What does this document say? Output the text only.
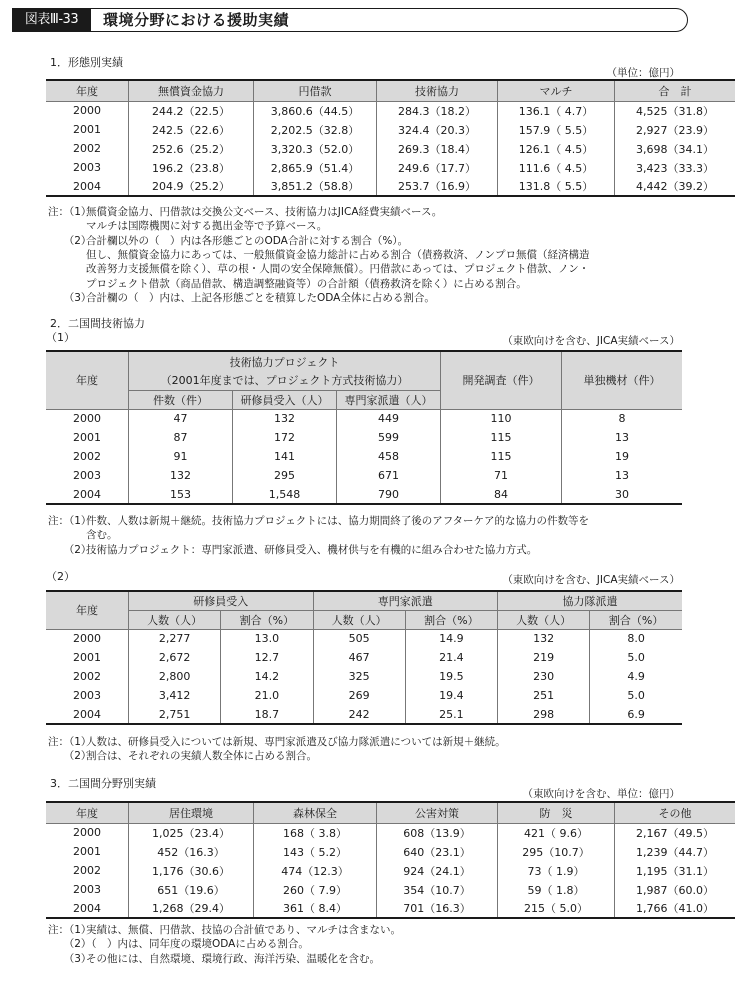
図表Ⅲ-33	環境分野における援助実績
1．形態別実績
（単位：億円）
年度	無償資金協力	円借款	技術協力	マルチ	合　計
2000	244.2（22.5）	3,860.6（44.5）	284.3（18.2）	136.1（ 4.7）	4,525（31.8）
2001	242.5（22.6）	2,202.5（32.8）	324.4（20.3）	157.9（ 5.5）	2,927（23.9）
2002	252.6（25.2）	3,320.3（52.0）	269.3（18.4）	126.1（ 4.5）	3,698（34.1）
2003	196.2（23.8）	2,865.9（51.4）	249.6（17.7）	111.6（ 4.5）	3,423（33.3）
2004	204.9（25.2）	3,851.2（58.8）	253.7（16.9）	131.8（ 5.5）	4,442（39.2）
注：（1）
無償資金協力、円借款は交換公文ベース、技術協力はJICA経費実績ベース。
マルチは国際機関に対する拠出金等で予算ベース。
　　（2）
合計欄以外の（　）内は各形態ごとのODA合計に対する割合（%）。
但し、無償資金協力にあっては、一般無償資金協力総計に占める割合（債務救済、ノンプロ無償（経済構造
改善努力支援無償を除く）、草の根・人間の安全保障無償）。円借款にあっては、プロジェクト借款、ノン・
プロジェクト借款（商品借款、構造調整融資等）の合計額（債務救済を除く）に占める割合。
　　（3）
合計欄の（　）内は、上記各形態ごとを積算したODA全体に占める割合。
2．二国間技術協力
（1）	（東欧向けを含む、JICA実績ベース）
年度	技術協力プロジェクト			開発調査（件）	単独機材（件）
	（2001年度までは、プロジェクト方式技術協力）				
	件数（件）	研修員受入（人）	専門家派遣（人）		
2000	47	132	449	110	8
2001	87	172	599	115	13
2002	91	141	458	115	19
2003	132	295	671	71	13
2004	153	1,548	790	84	30
注：（1）
件数、人数は新規＋継続。技術協力プロジェクトには、協力期間終了後のアフターケア的な協力の件数等を
含む。
　　（2）
技術協力プロジェクト：専門家派遣、研修員受入、機材供与を有機的に組み合わせた協力方式。
（2）	（東欧向けを含む、JICA実績ベース）
年度	研修員受入		専門家派遣		協力隊派遣	
	人数（人）	割合（%）	人数（人）	割合（%）	人数（人）	割合（%）
2000	2,277	13.0	505	14.9	132	8.0
2001	2,672	12.7	467	21.4	219	5.0
2002	2,800	14.2	325	19.5	230	4.9
2003	3,412	21.0	269	19.4	251	5.0
2004	2,751	18.7	242	25.1	298	6.9
注：（1）
人数は、研修員受入については新規、専門家派遣及び協力隊派遣については新規＋継続。
　　（2）
割合は、それぞれの実績人数全体に占める割合。
3．二国間分野別実績
（東欧向けを含む、単位：億円）
年度	居住環境	森林保全	公害対策	防　災	その他
2000	1,025（23.4）	168（ 3.8）	608（13.9）	421（ 9.6）	2,167（49.5）
2001	452（16.3）	143（ 5.2）	640（23.1）	295（10.7）	1,239（44.7）
2002	1,176（30.6）	474（12.3）	924（24.1）	73（ 1.9）	1,195（31.1）
2003	651（19.6）	260（ 7.9）	354（10.7）	59（ 1.8）	1,987（60.0）
2004	1,268（29.4）	361（ 8.4）	701（16.3）	215（ 5.0）	1,766（41.0）
注：（1）
実績は、無償、円借款、技協の合計値であり、マルチは含まない。
　　（2）
（　）内は、同年度の環境ODAに占める割合。
　　（3）
その他には、自然環境、環境行政、海洋汚染、温暖化を含む。
